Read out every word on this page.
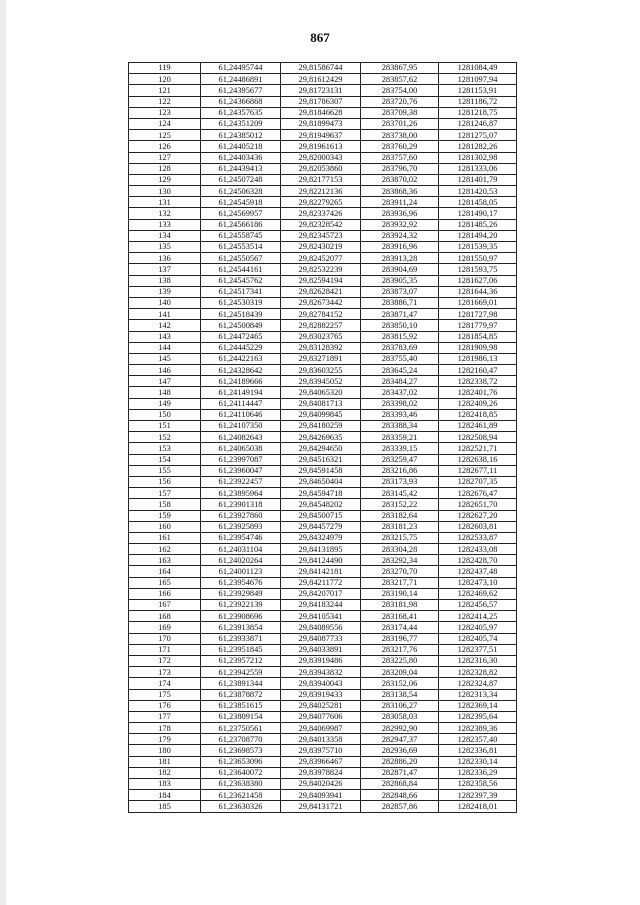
867
119	61,24495744	29,81586744	283867,95	1281084,49
120	61,24486891	29,81612429	283857,62	1281097,94
121	61,24395677	29,81723131	283754,00	1281153,91
122	61,24366868	29,81786307	283720,76	1281186,72
123	61,24357635	29,81846628	283709,38	1281218,75
124	61,24351209	29,81899473	283701,26	1281246,87
125	61,24385012	29,81949637	283738,00	1281275,07
126	61,24405218	29,81961613	283760,29	1281282,26
127	61,24403436	29,82000343	283757,60	1281302,98
128	61,24439413	29,82053860	283796,70	1281333,06
129	61,24507248	29,82177153	283870,02	1281401,79
130	61,24506328	29,82212136	283868,36	1281420,53
131	61,24545918	29,82279265	283911,24	1281458,05
132	61,24569957	29,82337426	283936,96	1281490,17
133	61,24566186	29,82328542	283932,92	1281485,26
134	61,24558745	29,82345723	283924,32	1281494,20
135	61,24553514	29,82430219	283916,96	1281539,35
136	61,24550567	29,82452077	283913,28	1281550,97
137	61,24544161	29,82532239	283904,69	1281593,75
138	61,24545762	29,82594194	283905,35	1281627,06
139	61,24517341	29,82628421	283873,07	1281644,36
140	61,24530319	29,82673442	283886,71	1281669,01
141	61,24518439	29,82784152	283871,47	1281727,98
142	61,24500849	29,82882257	283850,10	1281779,97
143	61,24472465	29,83023765	283815,92	1281854,85
144	61,24445229	29,83128392	283783,69	1281909,98
145	61,24422163	29,83271891	283755,40	1281986,13
146	61,24328642	29,83603255	283645,24	1282160,47
147	61,24189666	29,83945052	283484,27	1282338,72
148	61,24149194	29,84065320	283437,02	1282401,76
149	61,24114447	29,84081713	283398,02	1282409,26
150	61,24110646	29,84099845	283393,46	1282418,85
151	61,24107350	29,84180259	283388,34	1282461,89
152	61,24082643	29,84269635	283359,21	1282508,94
153	61,24065038	29,84294650	283339,15	1282521,71
154	61,23997087	29,84516321	283259,47	1282638,16
155	61,23960047	29,84591458	283216,86	1282677,11
156	61,23922457	29,84650404	283173,93	1282707,35
157	61,23895964	29,84594718	283145,42	1282676,47
158	61,23901318	29,84548202	283152,22	1282651,70
159	61,23927860	29,84500715	283182,64	1282627,20
160	61,23925893	29,84457279	283181,23	1282603,81
161	61,23954746	29,84324979	283215,75	1282533,87
162	61,24031104	29,84131895	283304,28	1282433,08
163	61,24020264	29,84124490	283292,34	1282428,70
164	61,24001123	29,84142181	283270,70	1282437,48
165	61,23954676	29,84211772	283217,71	1282473,10
166	61,23929849	29,84207017	283190,14	1282469,62
167	61,23922139	29,84183244	283181,98	1282456,57
168	61,23908696	29,84105341	283168,41	1282414,25
169	61,23913854	29,84089556	283174,44	1282405,97
170	61,23933871	29,84087733	283196,77	1282405,74
171	61,23951845	29,84033891	283217,76	1282377,51
172	61,23957212	29,83919486	283225,80	1282316,30
173	61,23942559	29,83943832	283209,04	1282328,82
174	61,23891344	29,83940043	283152,06	1282324,87
175	61,23878872	29,83919433	283138,54	1282313,34
176	61,23851615	29,84025281	283106,27	1282369,14
177	61,23809154	29,84077606	283058,03	1282395,64
178	61,23750561	29,84069987	282992,90	1282389,36
179	61,23708770	29,84013358	282947,37	1282357,40
180	61,23698573	29,83975710	282936,69	1282336,81
181	61,23653096	29,83966467	282886,20	1282330,14
182	61,23640072	29,83978824	282871,47	1282336,29
183	61,23638380	29,84020426	282868,84	1282358,56
184	61,23621458	29,84093941	282848,66	1282397,39
185	61,23630326	29,84131721	282857,86	1282418,01
